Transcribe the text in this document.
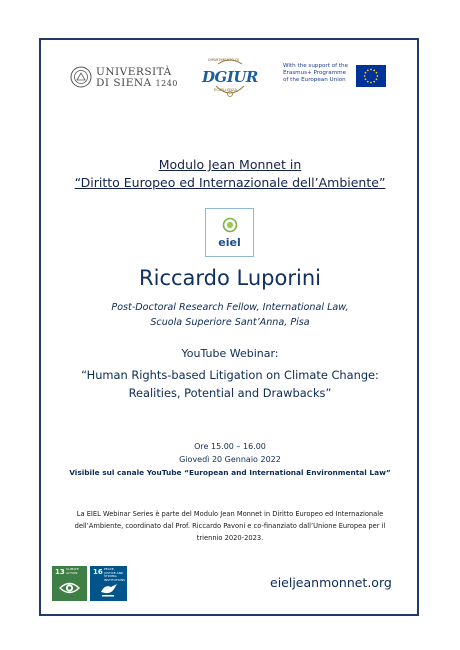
UNIVERSITÀ
DI SIENA 1240
DIPARTIMENTO DI
DGIUR
ECCELLENZA
With the support of the
Erasmus+ Programme
of the European Union
Modulo Jean Monnet in
“Diritto Europeo ed Internazionale dell’Ambiente”
eiel
Riccardo Luporini
Post-Doctoral Research Fellow, International Law,
Scuola Superiore Sant’Anna, Pisa
YouTube Webinar:
“Human Rights-based Litigation on Climate Change:
Realities, Potential and Drawbacks”
Ore 15.00 – 16.00
Giovedì 20 Gennaio 2022
Visibile sul canale YouTube “European and International Environmental Law”
La EIEL Webinar Series è parte del Modulo Jean Monnet in Diritto Europeo ed Internazionale
dell’Ambiente, coordinato dal Prof. Riccardo Pavoni e co-finanziato dall’Unione Europea per il
triennio 2020-2023.
13 CLIMATE ACTION	16 PEACE, JUSTICE AND STRONG INSTITUTIONS	eieljeanmonnet.org
